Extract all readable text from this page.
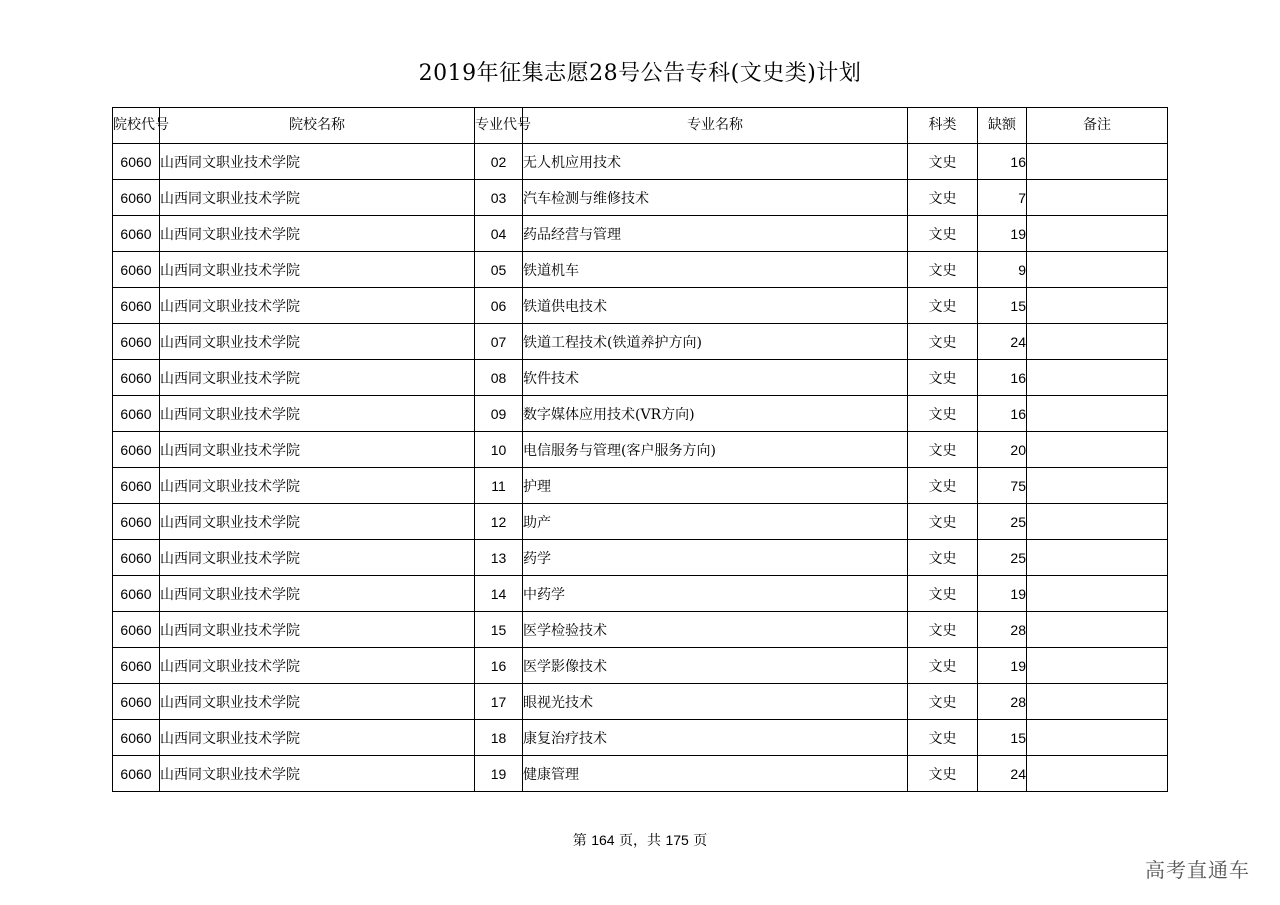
2019年征集志愿28号公告专科(文史类)计划
院校代号	院校名称	专业代号	专业名称	科类	缺额	备注
6060	山西同文职业技术学院	02	无人机应用技术	文史	16	
6060	山西同文职业技术学院	03	汽车检测与维修技术	文史	7	
6060	山西同文职业技术学院	04	药品经营与管理	文史	19	
6060	山西同文职业技术学院	05	铁道机车	文史	9	
6060	山西同文职业技术学院	06	铁道供电技术	文史	15	
6060	山西同文职业技术学院	07	铁道工程技术(铁道养护方向)	文史	24	
6060	山西同文职业技术学院	08	软件技术	文史	16	
6060	山西同文职业技术学院	09	数字媒体应用技术(VR方向)	文史	16	
6060	山西同文职业技术学院	10	电信服务与管理(客户服务方向)	文史	20	
6060	山西同文职业技术学院	11	护理	文史	75	
6060	山西同文职业技术学院	12	助产	文史	25	
6060	山西同文职业技术学院	13	药学	文史	25	
6060	山西同文职业技术学院	14	中药学	文史	19	
6060	山西同文职业技术学院	15	医学检验技术	文史	28	
6060	山西同文职业技术学院	16	医学影像技术	文史	19	
6060	山西同文职业技术学院	17	眼视光技术	文史	28	
6060	山西同文职业技术学院	18	康复治疗技术	文史	15	
6060	山西同文职业技术学院	19	健康管理	文史	24	
第 164 页，共 175 页
高考直通车
